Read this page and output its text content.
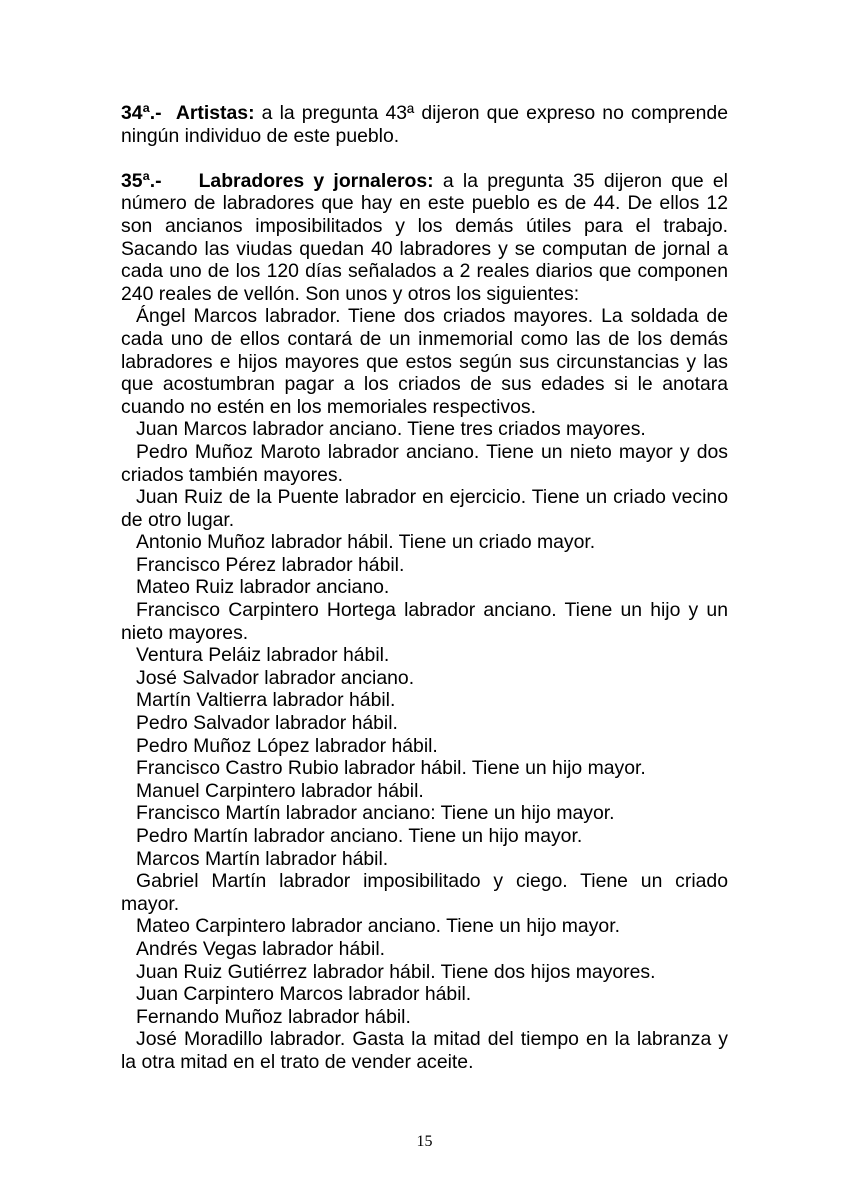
34ª.- Artistas: a la pregunta 43ª dijeron que expreso no comprende ningún individuo de este pueblo.

35ª.- Labradores y jornaleros: a la pregunta 35 dijeron que el número de labradores que hay en este pueblo es de 44. De ellos 12 son ancianos imposibilitados y los demás útiles para el trabajo. Sacando las viudas quedan 40 labradores y se computan de jornal a cada uno de los 120 días señalados a 2 reales diarios que componen 240 reales de vellón. Son unos y otros los siguientes:

Ángel Marcos labrador. Tiene dos criados mayores. La soldada de cada uno de ellos contará de un inmemorial como las de los demás labradores e hijos mayores que estos según sus circunstancias y las que acostumbran pagar a los criados de sus edades si le anotara cuando no estén en los memoriales respectivos.

Juan Marcos labrador anciano. Tiene tres criados mayores.

Pedro Muñoz Maroto labrador anciano. Tiene un nieto mayor y dos criados también mayores.

Juan Ruiz de la Puente labrador en ejercicio. Tiene un criado vecino de otro lugar.

Antonio Muñoz labrador hábil. Tiene un criado mayor.

Francisco Pérez labrador hábil.

Mateo Ruiz labrador anciano.

Francisco Carpintero Hortega labrador anciano. Tiene un hijo y un nieto mayores.

Ventura Peláiz labrador hábil.

José Salvador labrador anciano.

Martín Valtierra labrador hábil.

Pedro Salvador labrador hábil.

Pedro Muñoz López labrador hábil.

Francisco Castro Rubio labrador hábil. Tiene un hijo mayor.

Manuel Carpintero labrador hábil.

Francisco Martín labrador anciano: Tiene un hijo mayor.

Pedro Martín labrador anciano. Tiene un hijo mayor.

Marcos Martín labrador hábil.

Gabriel Martín labrador imposibilitado y ciego. Tiene un criado mayor.

Mateo Carpintero labrador anciano. Tiene un hijo mayor.

Andrés Vegas labrador hábil.

Juan Ruiz Gutiérrez labrador hábil. Tiene dos hijos mayores.

Juan Carpintero Marcos labrador hábil.

Fernando Muñoz labrador hábil.

José Moradillo labrador. Gasta la mitad del tiempo en la labranza y la otra mitad en el trato de vender aceite.

15
